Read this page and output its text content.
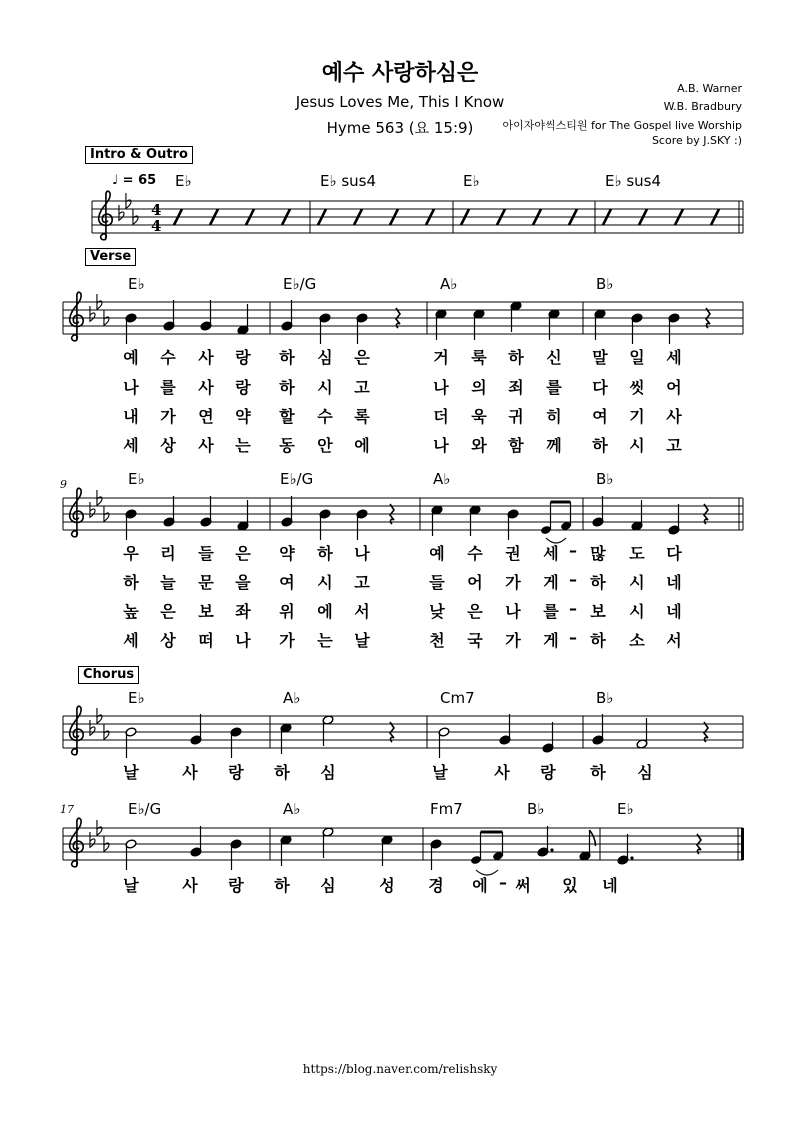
예수 사랑하심은
Jesus Loves Me, This I Know
Hyme 563 (요 15:9)
A.B. Warner
W.B. Bradbury
아이자야씩스티원 for The Gospel live Worship
Score by J.SKY :)
4
4
Intro & Outro
Verse
Chorus
♩ = 65
9
17
E♭	E♭ sus4	E♭	E♭ sus4
E♭	E♭/G	A♭	B♭
E♭	E♭/G	A♭	B♭
E♭	A♭	Cm7	B♭
E♭/G	A♭	Fm7	B♭	E♭
예	수	사	랑	하	심	은	거	룩	하	신	말	일	세
나	를	사	랑	하	시	고	나	의	죄	를	다	씻	어
내	가	연	약	할	수	록	더	욱	귀	히	여	기	사
세	상	사	는	동	안	에	나	와	함	께	하	시	고
우	리	들	은	약	하	나	예	수	권	세 – 많	도	다
하	늘	문	을	여	시	고	들	어	가	게 – 하	시	네
높	은	보	좌	위	에	서	낮	은	나	를 – 보	시	네
세	상	떠	나	가	는	날	천	국	가	게 – 하	소	서
날	사	랑	하	심	날	사	랑	하	심
날	사	랑	하	심	성	경	에 – 써	있	네
https://blog.naver.com/relishsky
